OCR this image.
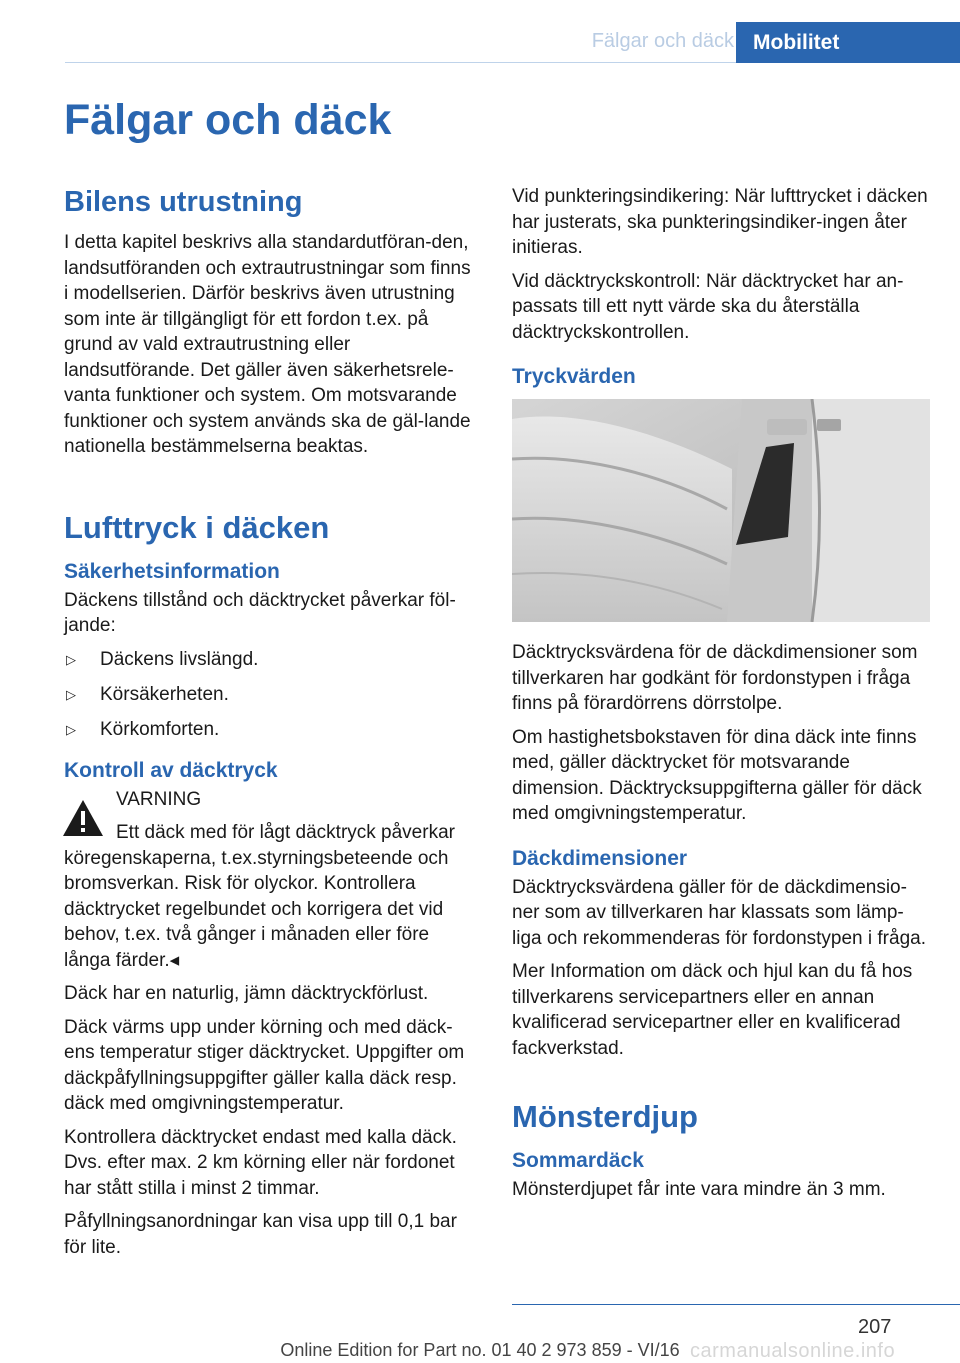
Fälgar och däck Mobilitet
Fälgar och däck
Bilens utrustning

I detta kapitel beskrivs alla standardutföran-den, landsutföranden och extrautrustningar som finns i modellserien. Därför beskrivs även utrustning som inte är tillgängligt för ett fordon t.ex. på grund av vald extrautrustning eller landsutförande. Det gäller även säkerhetsrele-vanta funktioner och system. Om motsvarande funktioner och system används ska de gäl-lande nationella bestämmelserna beaktas.

Lufttryck i däcken
Säkerhetsinformation

Däckens tillstånd och däcktrycket påverkar föl-jande:

▷	Däckens livslängd.
▷	Körsäkerheten.
▷	Körkomforten.
Kontroll av däcktryck

VARNING

Ett däck med för lågt däcktryck påverkar köregenskaperna, t.ex.styrningsbeteende och bromsverkan. Risk för olyckor. Kontrollera däcktrycket regelbundet och korrigera det vid behov, t.ex. två gånger i månaden eller före långa färder.◂

Däck har en naturlig, jämn däcktryckförlust.

Däck värms upp under körning och med däck-ens temperatur stiger däcktrycket. Uppgifter om däckpåfyllningsuppgifter gäller kalla däck resp. däck med omgivningstemperatur.

Kontrollera däcktrycket endast med kalla däck. Dvs. efter max. 2 km körning eller när fordonet har stått stilla i minst 2 timmar.

Påfyllningsanordningar kan visa upp till 0,1 bar för lite.

Vid punkteringsindikering: När lufttrycket i däcken har justerats, ska punkteringsindiker-ingen åter initieras.

Vid däcktryckskontroll: När däcktrycket har an-passats till ett nytt värde ska du återställa däcktryckskontrollen.

Tryckvärden

Däcktrycksvärdena för de däckdimensioner som tillverkaren har godkänt för fordonstypen i fråga finns på förardörrens dörrstolpe.

Om hastighetsbokstaven för dina däck inte finns med, gäller däcktrycket för motsvarande dimension. Däcktrycksuppgifterna gäller för däck med omgivningstemperatur.

Däckdimensioner

Däcktrycksvärdena gäller för de däckdimensio-ner som av tillverkaren har klassats som lämp-liga och rekommenderas för fordonstypen i fråga.

Mer Information om däck och hjul kan du få hos tillverkarens servicepartners eller en annan kvalificerad servicepartner eller en kvalificerad fackverkstad.

Mönsterdjup
Sommardäck

Mönsterdjupet får inte vara mindre än 3 mm.

207
Online Edition for Part no. 01 40 2 973 859 - VI/16 carmanualsonline.info
